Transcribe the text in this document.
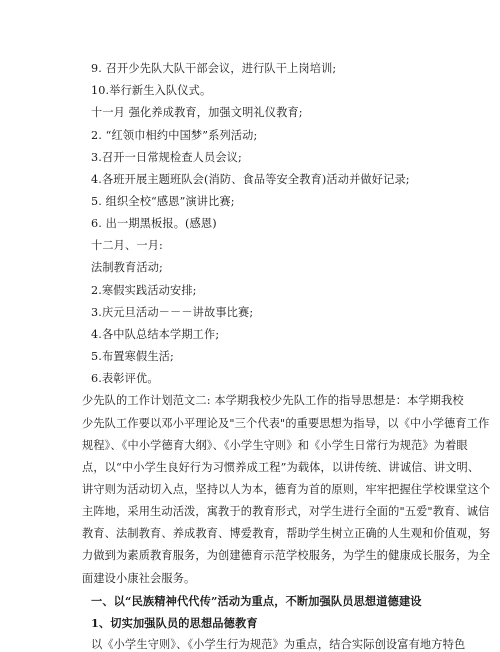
9. 召开少先队大队干部会议，进行队干上岗培训;

10.举行新生入队仪式。

十一月 强化养成教育，加强文明礼仪教育;

2. “红领巾相约中国梦”系列活动;

3.召开一日常规检查人员会议;

4.各班开展主题班队会(消防、食品等安全教育)活动并做好记录;

5. 组织全校“感恩”演讲比赛;

6. 出一期黑板报。(感恩)

十二月、一月:

法制教育活动;

2.寒假实践活动安排;

3.庆元旦活动－－－讲故事比赛;

4.各中队总结本学期工作;

5.布置寒假生活;

6.表彰评优。

少先队的工作计划范文二: 本学期我校少先队工作的指导思想是：本学期我校

少先队工作要以邓小平理论及"三个代表"的重要思想为指导，以《中小学德育工作

规程》、《中小学德育大纲》、《小学生守则》和《小学生日常行为规范》为着眼

点，以“中小学生良好行为习惯养成工程”为载体，以讲传统、讲诚信、讲文明、

讲守则为活动切入点，坚持以人为本，德育为首的原则，牢牢把握住学校课堂这个

主阵地，采用生动活泼，寓教于的教育形式，对学生进行全面的"五爱"教育、诚信

教育、法制教育、养成教育、博爱教育，帮助学生树立正确的人生观和价值观，努

力做到为素质教育服务，为创建德育示范学校服务，为学生的健康成长服务，为全

面建设小康社会服务。

一、以“民族精神代代传”活动为重点，不断加强队员思想道德建设

1、切实加强队员的思想品德教育

以《小学生守则》、《小学生行为规范》为重点，结合实际创设富有地方特色
